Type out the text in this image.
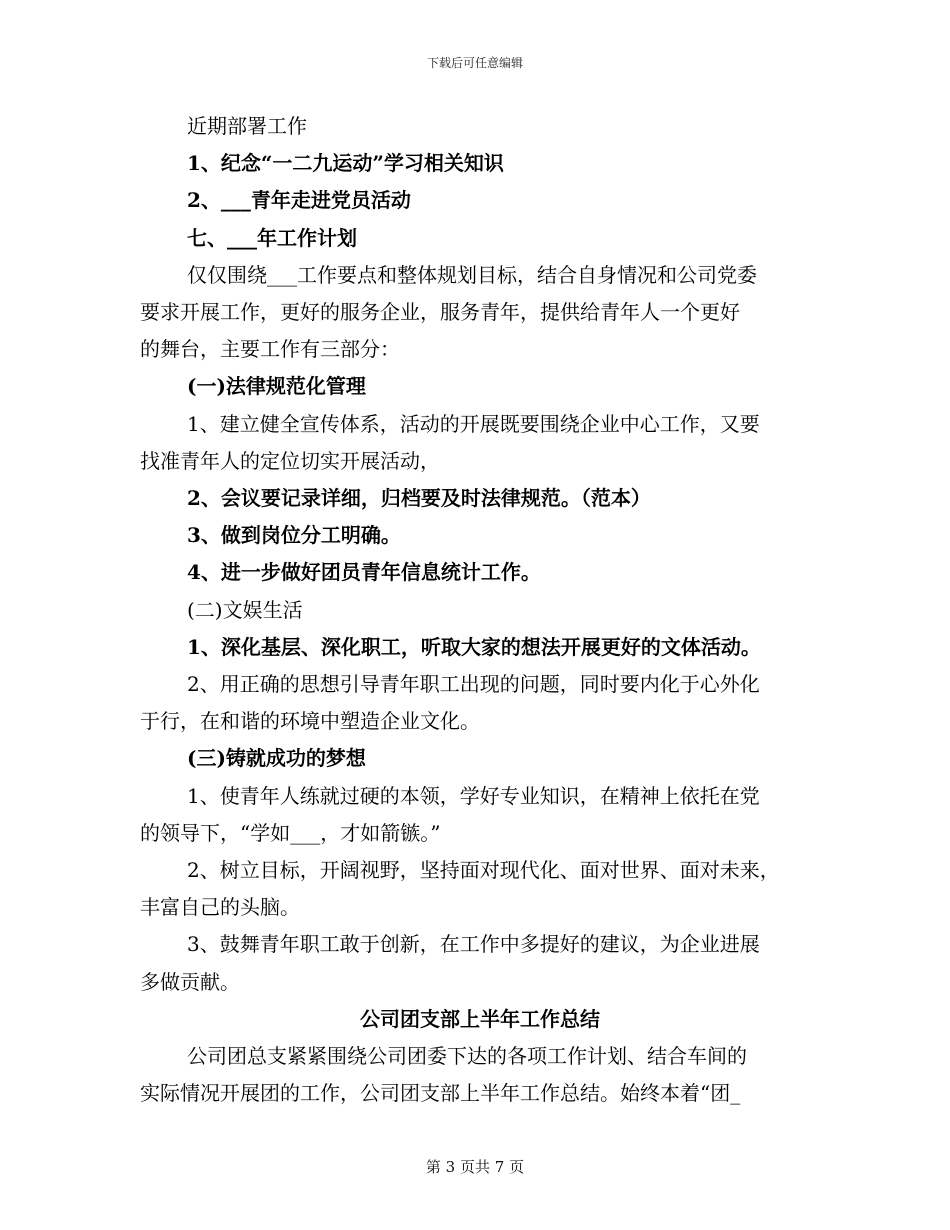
下载后可任意编辑
近期部署工作
1、纪念“一二九运动”学习相关知识
2、___青年走进党员活动
七、___年工作计划
仅仅围绕___工作要点和整体规划目标，结合自身情况和公司党委
要求开展工作，更好的服务企业，服务青年，提供给青年人一个更好
的舞台，主要工作有三部分：
(一)法律规范化管理
1、建立健全宣传体系，活动的开展既要围绕企业中心工作，又要
找准青年人的定位切实开展活动，
2、会议要记录详细，归档要及时法律规范。（范本）
3、做到岗位分工明确。
4、进一步做好团员青年信息统计工作。
(二)文娱生活
1、深化基层、深化职工，听取大家的想法开展更好的文体活动。
2、用正确的思想引导青年职工出现的问题，同时要内化于心外化
于行，在和谐的环境中塑造企业文化。
(三)铸就成功的梦想
1、使青年人练就过硬的本领，学好专业知识，在精神上依托在党
的领导下，“学如___，才如箭镞。”
2、树立目标，开阔视野，坚持面对现代化、面对世界、面对未来，
丰富自己的头脑。
3、鼓舞青年职工敢于创新，在工作中多提好的建议，为企业进展
多做贡献。
公司团支部上半年工作总结
公司团总支紧紧围绕公司团委下达的各项工作计划、结合车间的
实际情况开展团的工作，公司团支部上半年工作总结。始终本着“团_
第 3 页共 7 页
